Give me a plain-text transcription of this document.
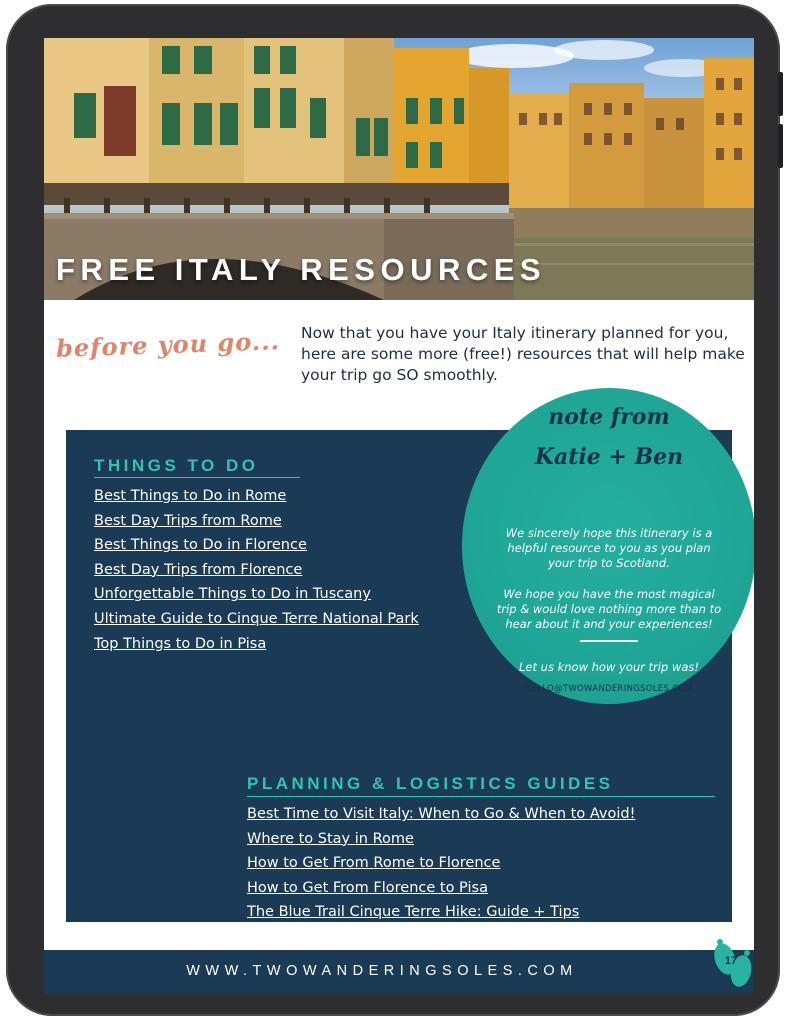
FREE ITALY RESOURCES
before you go... Now that you have your Italy itinerary planned for you, here are some more (free!) resources that will help make your trip go SO smoothly.
THINGS TO DO
Best Things to Do in Rome
Best Day Trips from Rome
Best Things to Do in Florence
Best Day Trips from Florence
Unforgettable Things to Do in Tuscany
Ultimate Guide to Cinque Terre National Park
Top Things to Do in Pisa
PLANNING & LOGISTICS GUIDES
Best Time to Visit Italy: When to Go & When to Avoid!
Where to Stay in Rome
How to Get From Rome to Florence
How to Get From Florence to Pisa
The Blue Trail Cinque Terre Hike: Guide + Tips
note from
Katie + Ben
We sincerely hope this itinerary is a helpful resource to you as you plan your trip to Scotland.
We hope you have the most magical trip & would love nothing more than to hear about it and your experiences!
Let us know how your trip was!
HELLO@TWOWANDERINGSOLES.COM
WWW.TWOWANDERINGSOLES.COM
17
